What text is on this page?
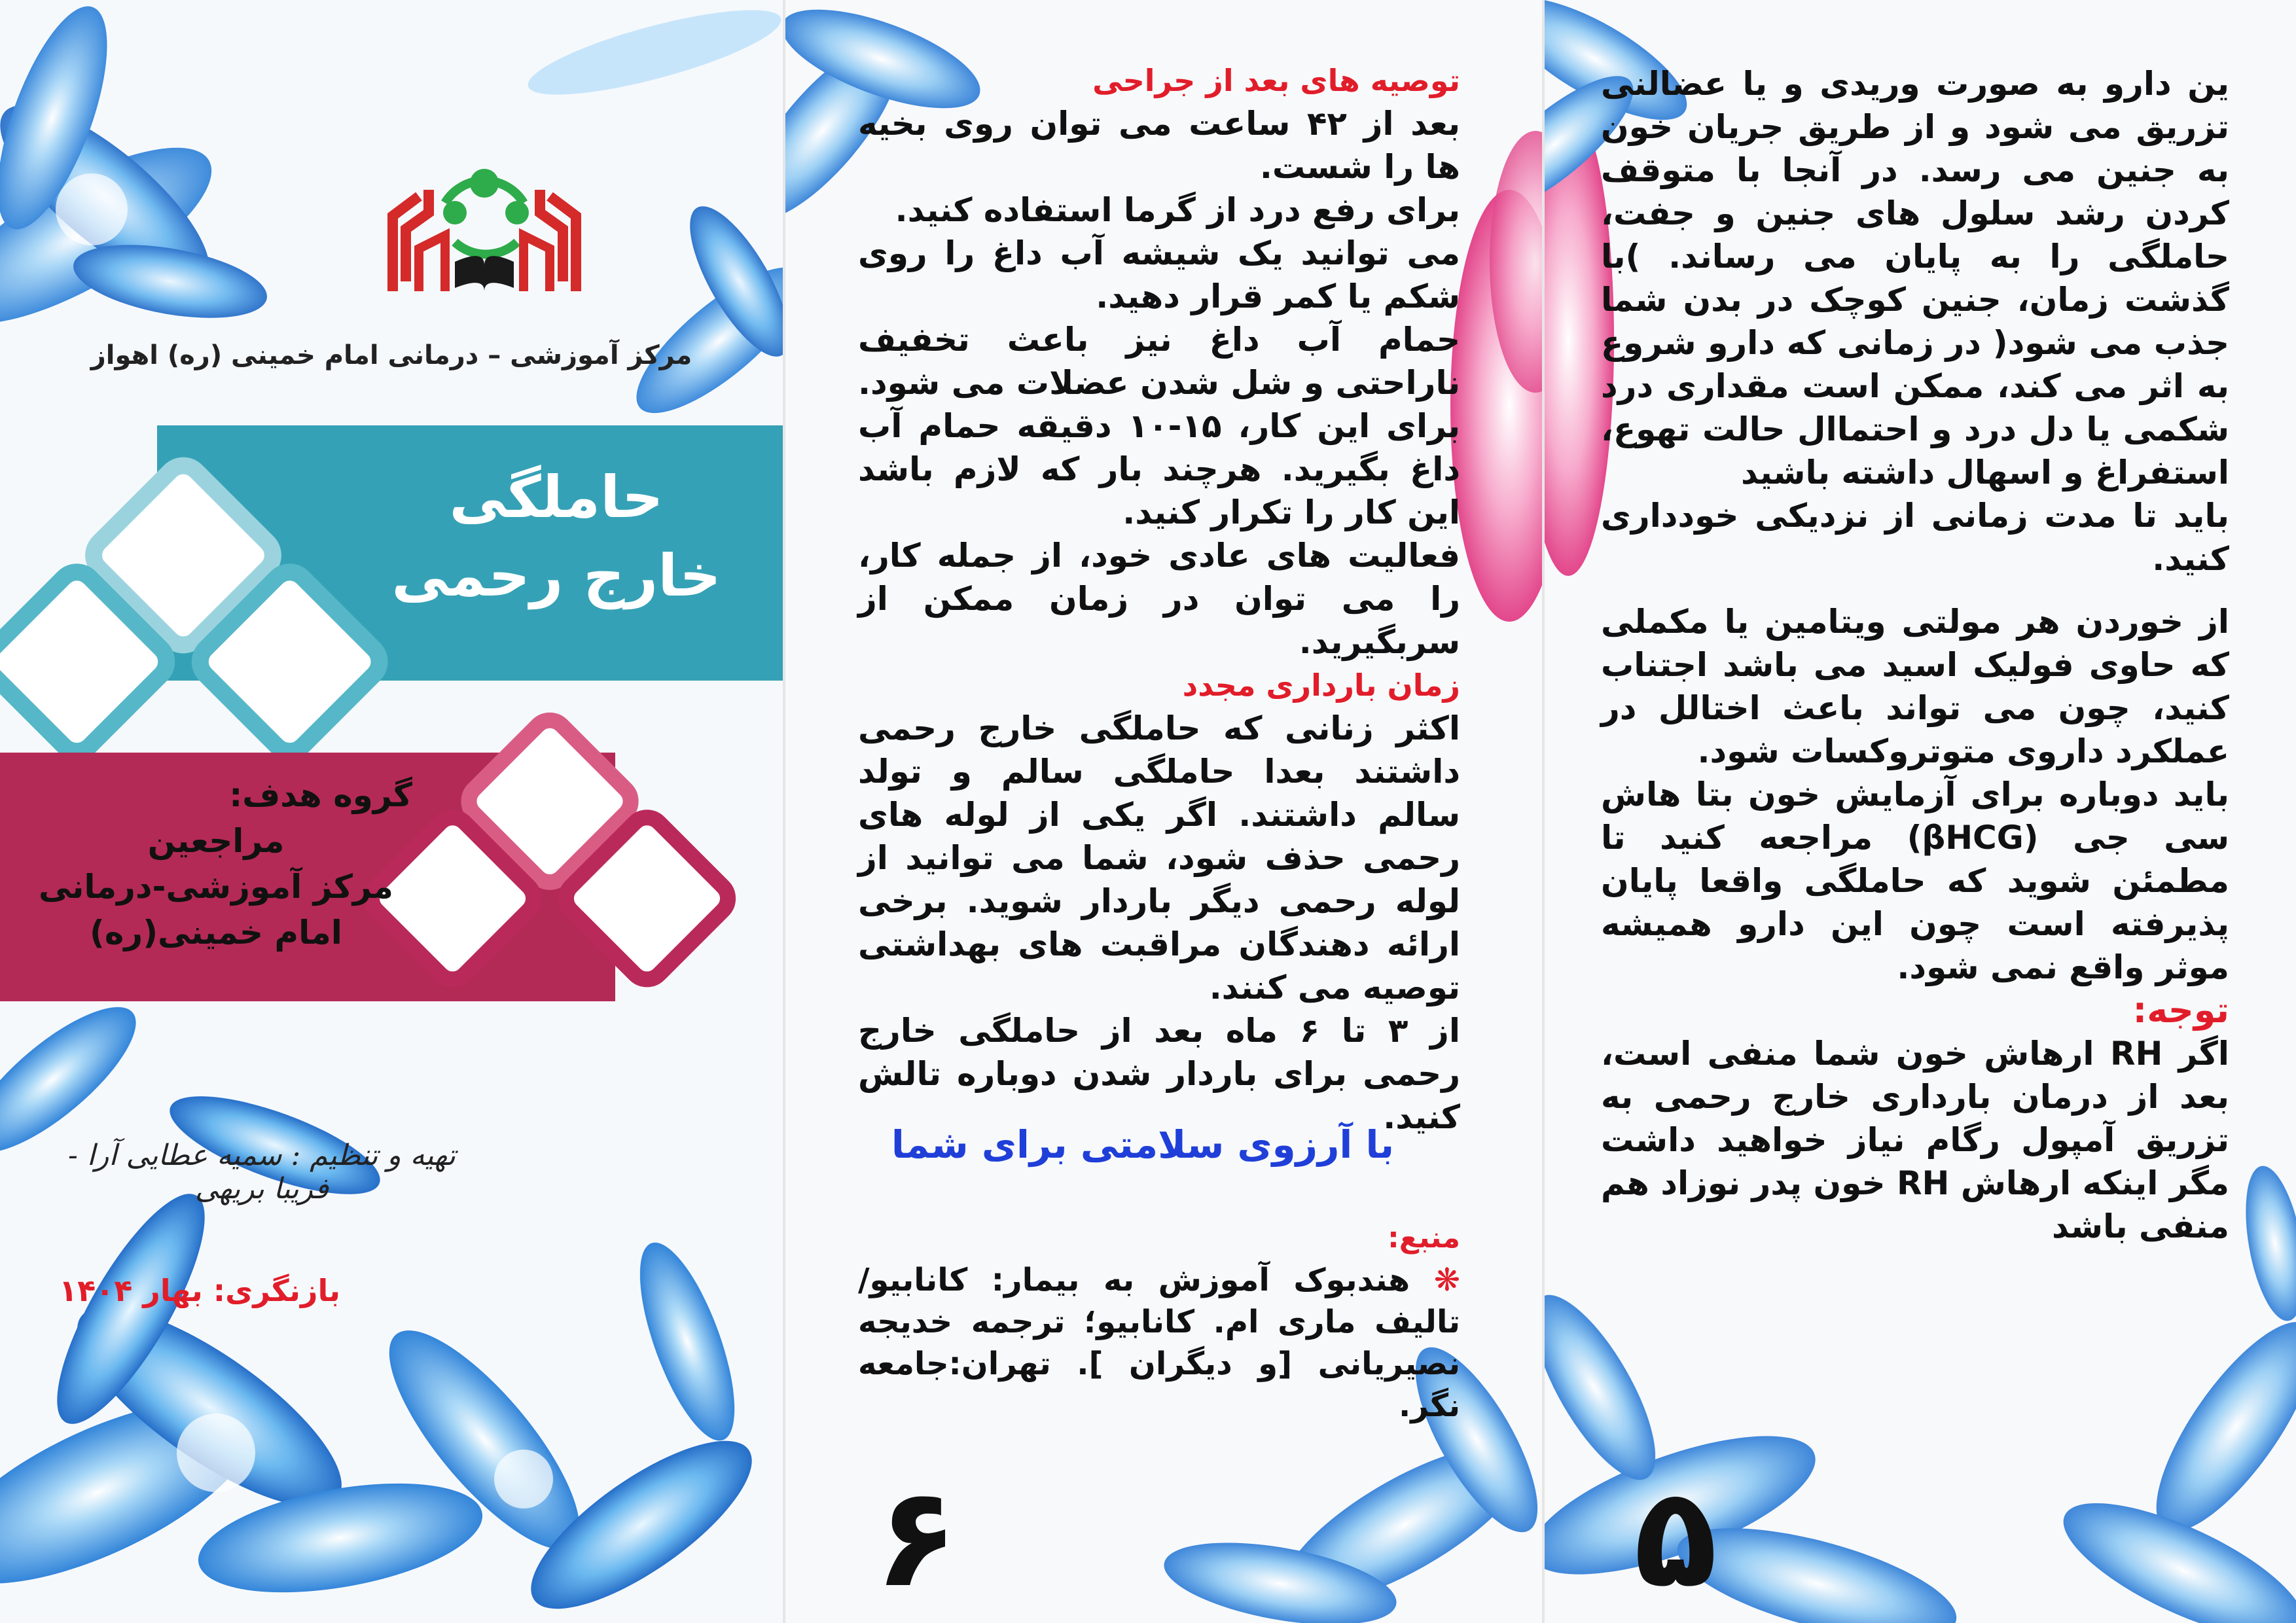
مرکز آموزشی – درمانی امام خمینی (ره) اهواز
حاملگی
خارج رحمی
گروه هدف:
مراجعین
مرکز آموزشی-درمانی
امام خمینی(ره)
تهیه و تنظیم : سمیه عطایی آرا - فریبا بریهی
بازنگری: بهار ۱۴۰۴

توصیه های بعد از جراحی

بعد از ۴۲ ساعت می توان روی بخیه ها را شست.

برای رفع درد از گرما استفاده کنید.

می توانید یک شیشه آب داغ را روی شکم یا کمر قرار دهید.

حمام آب داغ نیز باعث تخفیف ناراحتی و شل شدن عضلات می شود. برای این کار، ۱۵-۱۰ دقیقه حمام آب داغ بگیرید. هرچند بار که لازم باشد این کار را تکرار کنید.

فعالیت های عادی خود، از جمله کار، را می توان در زمان ممکن از سربگیرید.

زمان بارداری مجدد

اکثر زنانی که حاملگی خارج رحمی داشتند بعدا حاملگی سالم و تولد سالم داشتند. اگر یکی از لوله های رحمی حذف شود، شما می توانید از لوله رحمی دیگر باردار شوید. برخی ارائه دهندگان مراقبت های بهداشتی توصیه می کنند.

از ۳ تا ۶ ماه بعد از حاملگی خارج رحمی برای باردار شدن دوباره تالش کنید.

با آرزوی سلامتی برای شما

منبع:

❋ هندبوک آموزش به بیمار: کانابیو/ تالیف ماری ام. کانابیو؛ ترجمه خدیجه نصیریانی [و دیگران ]. تهران:جامعه نگر.

۶

ین دارو به صورت وریدی و یا عضالنی تزریق می شود و از طریق جریان خون به جنین می رسد. در آنجا با متوقف کردن رشد سلول های جنین و جفت، حاملگی را به پایان می رساند. )با گذشت زمان، جنین کوچک در بدن شما جذب می شود( در زمانی که دارو شروع به اثر می کند، ممکن است مقداری درد شکمی یا دل درد و احتماال حالت تهوع، استفراغ و اسهال داشته باشید

باید تا مدت زمانی از نزدیکی خودداری کنید.

از خوردن هر مولتی ویتامین یا مکملی که حاوی فولیک اسید می باشد اجتناب کنید، چون می تواند باعث اختالل در عملکرد داروی متوتروکسات شود.

باید دوباره برای آزمایش خون بتا هاش سی جی (βHCG) مراجعه کنید تا مطمئن شوید که حاملگی واقعا پایان پذیرفته است چون این دارو همیشه موثر واقع نمی شود.

توجه:

اگر RH ارهاش خون شما منفی است، بعد از درمان بارداری خارج رحمی به تزریق آمپول رگام نیاز خواهید داشت مگر اینکه ارهاش RH خون پدر نوزاد هم منفی باشد

۵
